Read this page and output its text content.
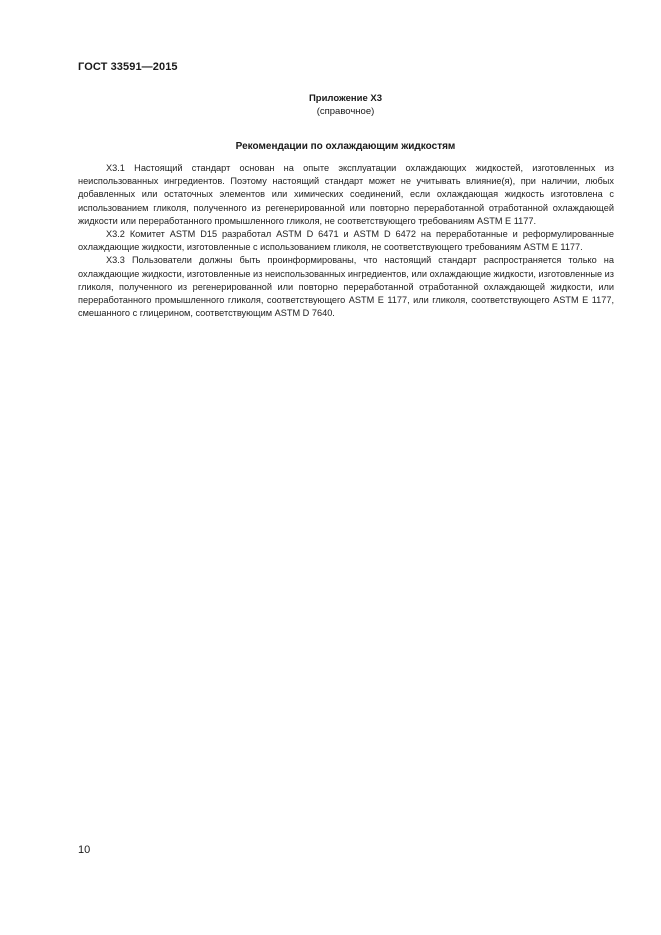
ГОСТ 33591—2015
Приложение Х3
(справочное)
Рекомендации по охлаждающим жидкостям

Х3.1 Настоящий стандарт основан на опыте эксплуатации охлаждающих жидкостей, изготовленных из неиспользованных ингредиентов. Поэтому настоящий стандарт может не учитывать влияние(я), при наличии, любых добавленных или остаточных элементов или химических соединений, если охлаждающая жидкость изготовлена с использованием гликоля, полученного из регенерированной или повторно переработанной отработанной охлаждающей жидкости или переработанного промышленного гликоля, не соответствующего требованиям ASTM E 1177.

Х3.2 Комитет ASTM D15 разработал ASTM D 6471 и ASTM D 6472 на переработанные и реформулированные охлаждающие жидкости, изготовленные с использованием гликоля, не соответствующего требованиям ASTM E 1177.

Х3.3 Пользователи должны быть проинформированы, что настоящий стандарт распространяется только на охлаждающие жидкости, изготовленные из неиспользованных ингредиентов, или охлаждающие жидкости, изготовленные из гликоля, полученного из регенерированной или повторно переработанной отработанной охлаждающей жидкости, или переработанного промышленного гликоля, соответствующего ASTM E 1177, или гликоля, соответствующего ASTM E 1177, смешанного с глицерином, соответствующим ASTM D 7640.

10
